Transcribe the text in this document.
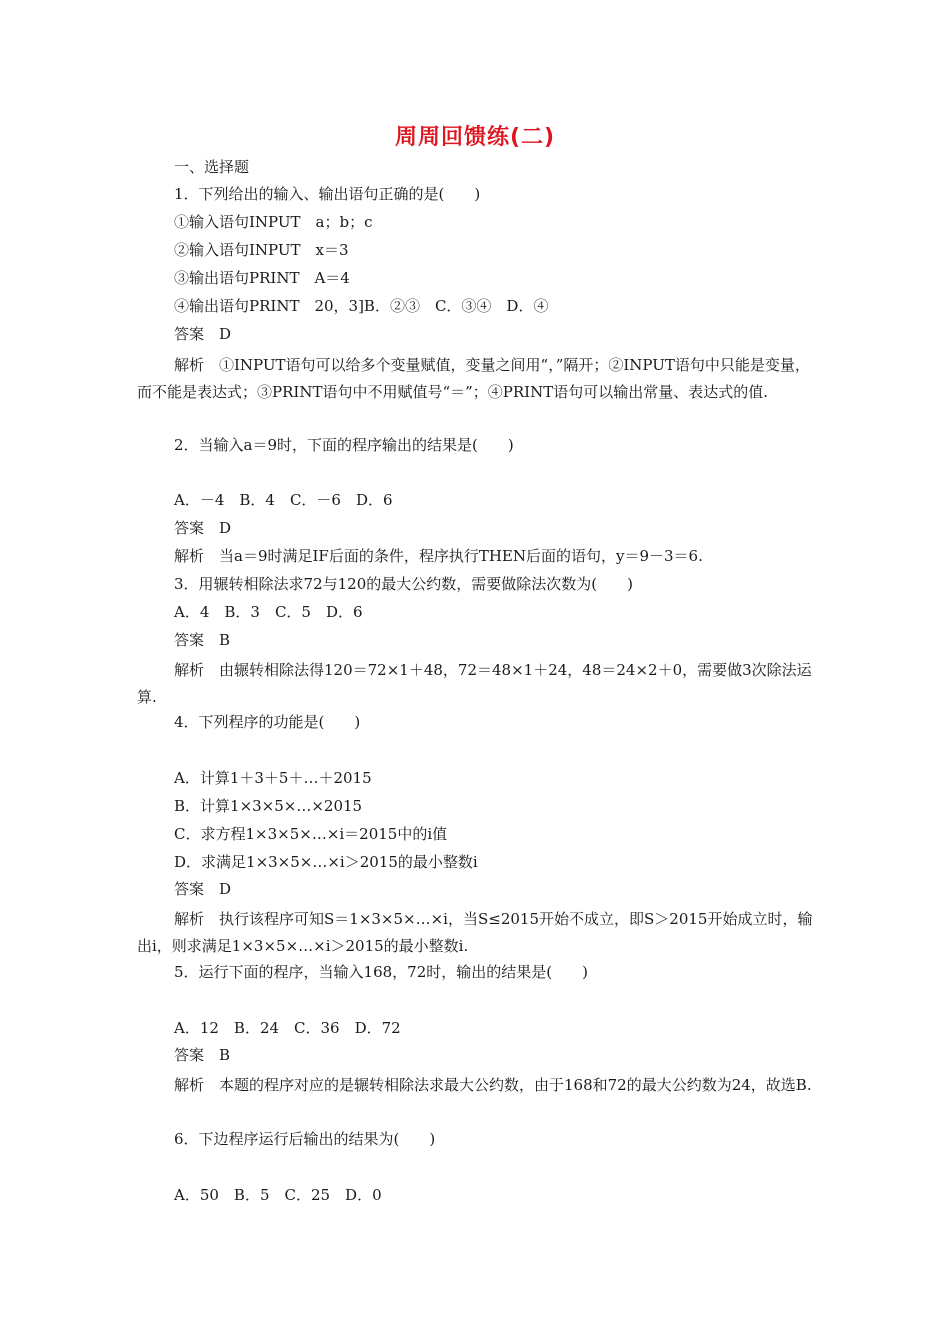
周周回馈练(二)
一、选择题
1．下列给出的输入、输出语句正确的是(　　)
①输入语句INPUT　a；b；c
②输入语句INPUT　x＝3
③输出语句PRINT　A＝4
④输出语句PRINT　20，3]B．②③　C．③④　D．④
答案　D
解析　①INPUT语句可以给多个变量赋值，变量之间用“，”隔开；②INPUT语句中只能是变量，而不能是表达式；③PRINT语句中不用赋值号“＝”；④PRINT语句可以输出常量、表达式的值.
2．当输入a＝9时，下面的程序输出的结果是(　　)
A．－4　B．4　C．－6　D．6
答案　D
解析　当a＝9时满足IF后面的条件，程序执行THEN后面的语句，y＝9－3＝6.
3．用辗转相除法求72与120的最大公约数，需要做除法次数为(　　)
A．4　B．3　C．5　D．6
答案　B
解析　由辗转相除法得120＝72×1＋48，72＝48×1＋24，48＝24×2＋0，需要做3次除法运算.
4．下列程序的功能是(　　)
A．计算1＋3＋5＋…＋2015
B．计算1×3×5×…×2015
C．求方程1×3×5×…×i＝2015中的i值
D．求满足1×3×5×…×i＞2015的最小整数i
答案　D
解析　执行该程序可知S＝1×3×5×…×i，当S≤2015开始不成立，即S＞2015开始成立时，输出i，则求满足1×3×5×…×i＞2015的最小整数i.
5．运行下面的程序，当输入168，72时，输出的结果是(　　)
A．12　B．24　C．36　D．72
答案　B
解析　本题的程序对应的是辗转相除法求最大公约数，由于168和72的最大公约数为24，故选B.
6．下边程序运行后输出的结果为(　　)
A．50　B．5　C．25　D．0
